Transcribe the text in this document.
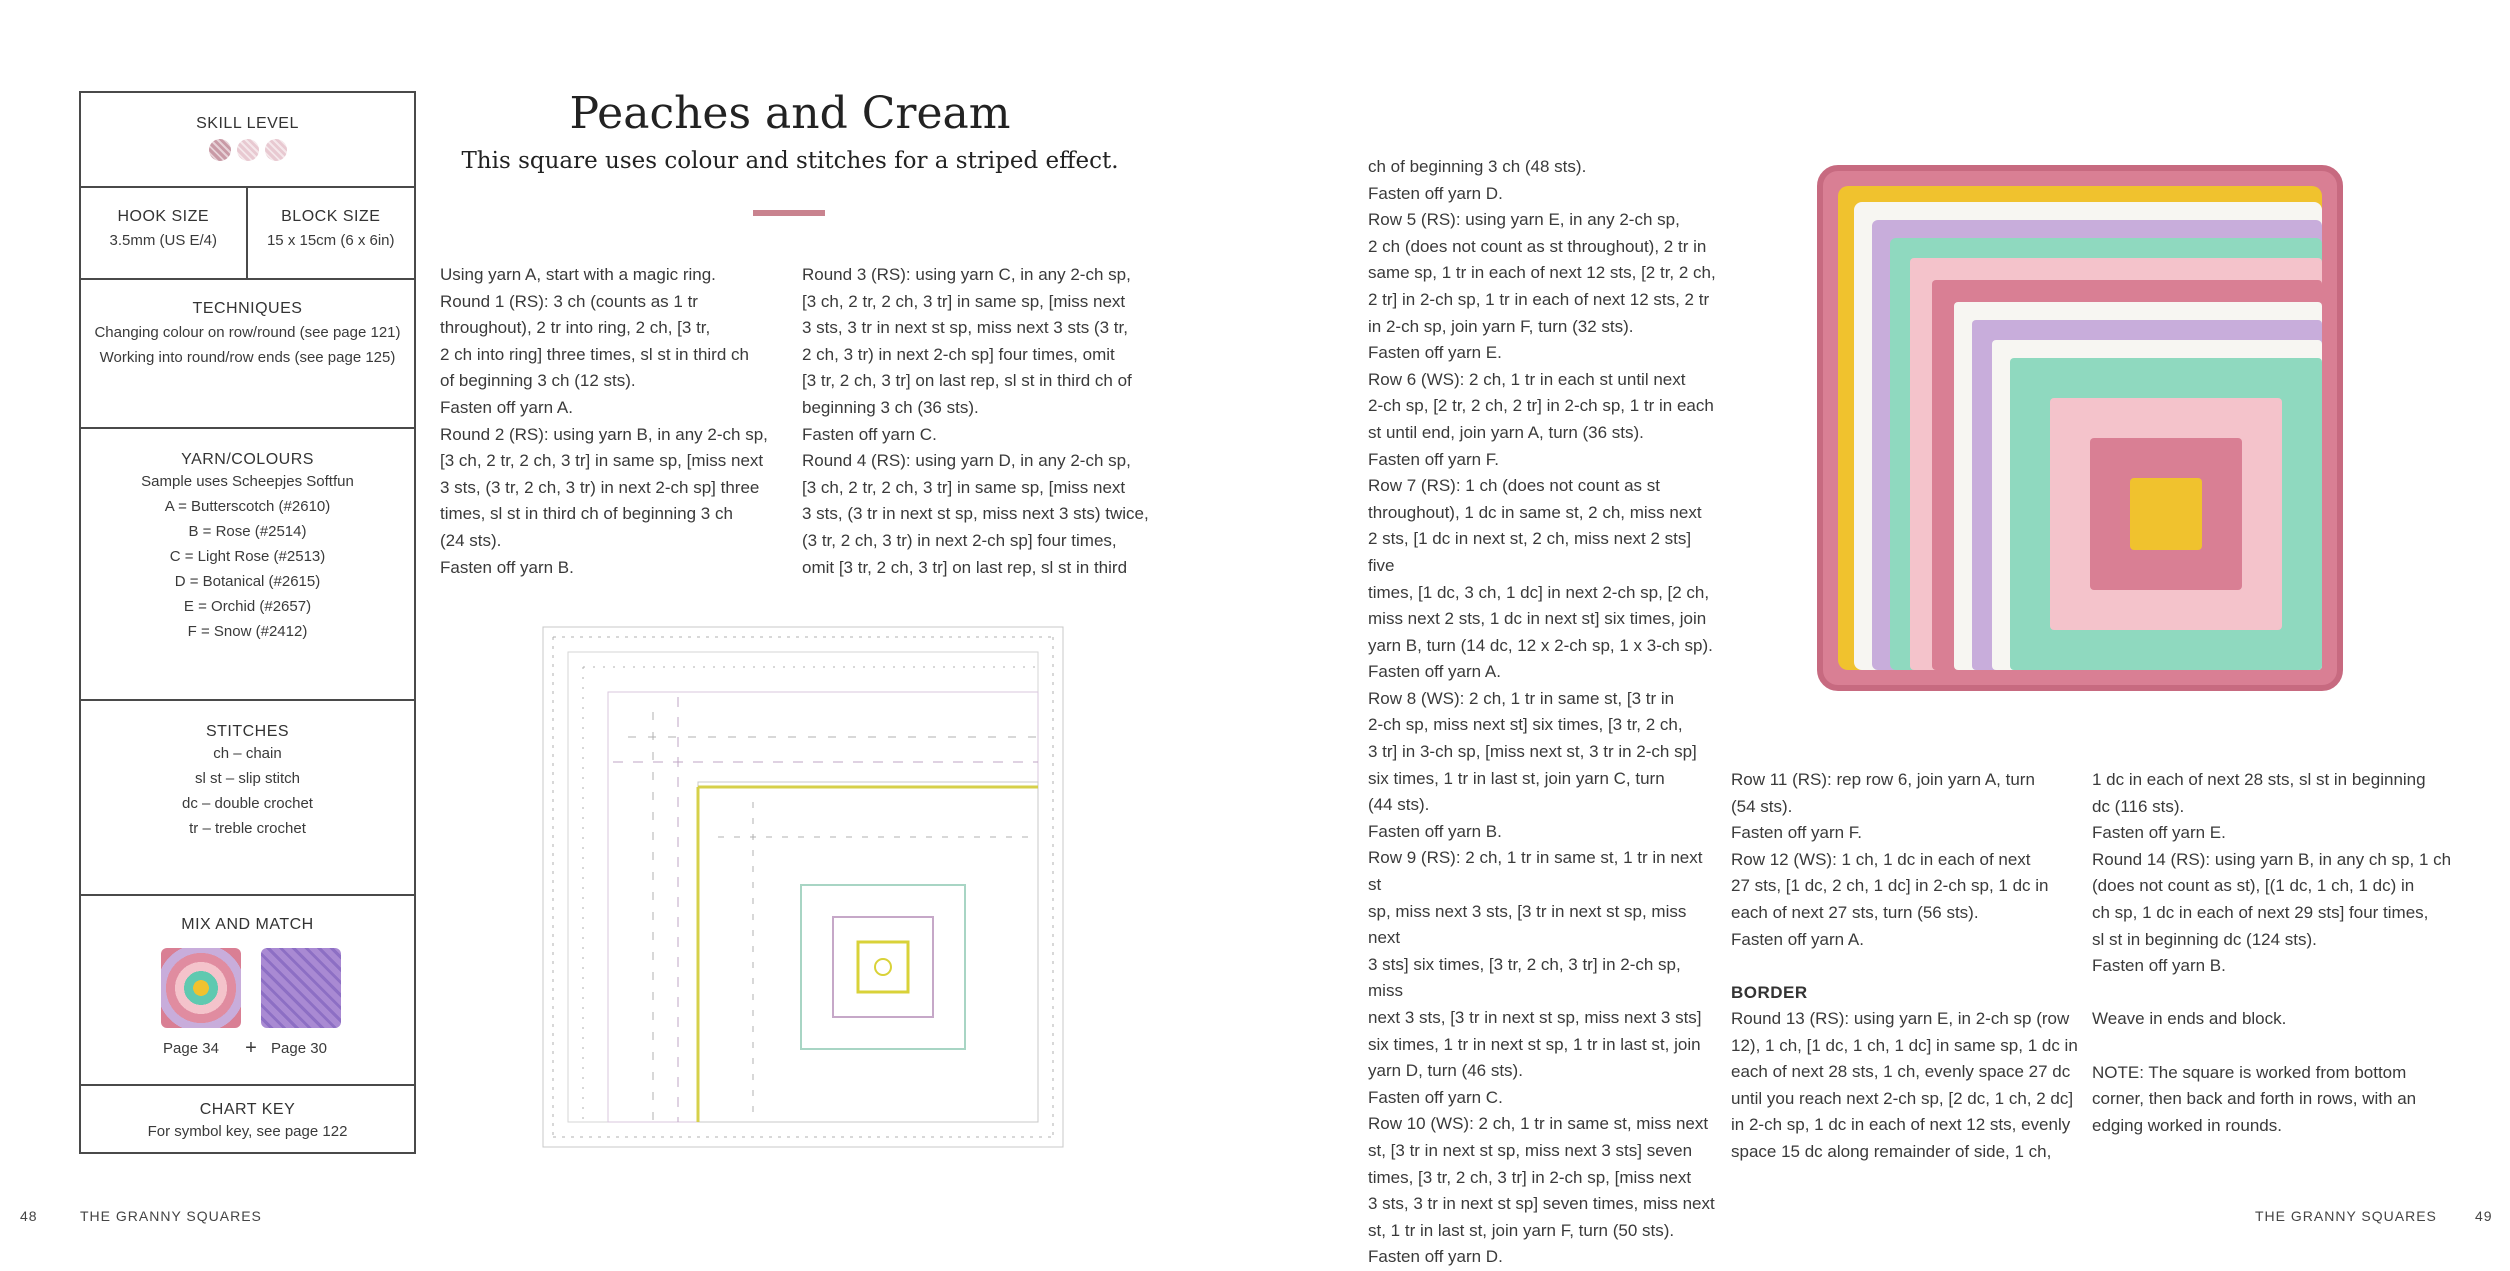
SKILL LEVEL
HOOK SIZE
3.5mm (US E/4)
BLOCK SIZE
15 x 15cm (6 x 6in)
TECHNIQUES
Changing colour on row/round (see page 121)
Working into round/row ends (see page 125)
YARN/COLOURS
Sample uses Scheepjes Softfun
A = Butterscotch (#2610)
B = Rose (#2514)
C = Light Rose (#2513)
D = Botanical (#2615)
E = Orchid (#2657)
F = Snow (#2412)
STITCHES
ch – chain
sl st – slip stitch
dc – double crochet
tr – treble crochet
MIX AND MATCH
Page 34	+ Page 30
CHART KEY
For symbol key, see page 122
Peaches and Cream
This square uses colour and stitches for a striped effect.
Using yarn A, start with a magic ring.
Round 1 (RS): 3 ch (counts as 1 tr
throughout), 2 tr into ring, 2 ch, [3 tr,
2 ch into ring] three times, sl st in third ch
of beginning 3 ch (12 sts).
Fasten off yarn A.
Round 2 (RS): using yarn B, in any 2-ch sp,
[3 ch, 2 tr, 2 ch, 3 tr] in same sp, [miss next
3 sts, (3 tr, 2 ch, 3 tr) in next 2-ch sp] three
times, sl st in third ch of beginning 3 ch
(24 sts).
Fasten off yarn B.
Round 3 (RS): using yarn C, in any 2-ch sp,
[3 ch, 2 tr, 2 ch, 3 tr] in same sp, [miss next
3 sts, 3 tr in next st sp, miss next 3 sts (3 tr,
2 ch, 3 tr) in next 2-ch sp] four times, omit
[3 tr, 2 ch, 3 tr] on last rep, sl st in third ch of
beginning 3 ch (36 sts).
Fasten off yarn C.
Round 4 (RS): using yarn D, in any 2-ch sp,
[3 ch, 2 tr, 2 ch, 3 tr] in same sp, [miss next
3 sts, (3 tr in next st sp, miss next 3 sts) twice,
(3 tr, 2 ch, 3 tr) in next 2-ch sp] four times,
omit [3 tr, 2 ch, 3 tr] on last rep, sl st in third
ch of beginning 3 ch (48 sts).
Fasten off yarn D.
Row 5 (RS): using yarn E, in any 2-ch sp,
2 ch (does not count as st throughout), 2 tr in
same sp, 1 tr in each of next 12 sts, [2 tr, 2 ch,
2 tr] in 2-ch sp, 1 tr in each of next 12 sts, 2 tr
in 2-ch sp, join yarn F, turn (32 sts).
Fasten off yarn E.
Row 6 (WS): 2 ch, 1 tr in each st until next
2-ch sp, [2 tr, 2 ch, 2 tr] in 2-ch sp, 1 tr in each
st until end, join yarn A, turn (36 sts).
Fasten off yarn F.
Row 7 (RS): 1 ch (does not count as st
throughout), 1 dc in same st, 2 ch, miss next
2 sts, [1 dc in next st, 2 ch, miss next 2 sts] five
times, [1 dc, 3 ch, 1 dc] in next 2-ch sp, [2 ch,
miss next 2 sts, 1 dc in next st] six times, join
yarn B, turn (14 dc, 12 x 2-ch sp, 1 x 3-ch sp).
Fasten off yarn A.
Row 8 (WS): 2 ch, 1 tr in same st, [3 tr in
2-ch sp, miss next st] six times, [3 tr, 2 ch,
3 tr] in 3-ch sp, [miss next st, 3 tr in 2-ch sp]
six times, 1 tr in last st, join yarn C, turn
(44 sts).
Fasten off yarn B.
Row 9 (RS): 2 ch, 1 tr in same st, 1 tr in next st
sp, miss next 3 sts, [3 tr in next st sp, miss next
3 sts] six times, [3 tr, 2 ch, 3 tr] in 2-ch sp, miss
next 3 sts, [3 tr in next st sp, miss next 3 sts]
six times, 1 tr in next st sp, 1 tr in last st, join
yarn D, turn (46 sts).
Fasten off yarn C.
Row 10 (WS): 2 ch, 1 tr in same st, miss next
st, [3 tr in next st sp, miss next 3 sts] seven
times, [3 tr, 2 ch, 3 tr] in 2-ch sp, [miss next
3 sts, 3 tr in next st sp] seven times, miss next
st, 1 tr in last st, join yarn F, turn (50 sts).
Fasten off yarn D.
Row 11 (RS): rep row 6, join yarn A, turn
(54 sts).
Fasten off yarn F.
Row 12 (WS): 1 ch, 1 dc in each of next
27 sts, [1 dc, 2 ch, 1 dc] in 2-ch sp, 1 dc in
each of next 27 sts, turn (56 sts).
Fasten off yarn A.
BORDER
Round 13 (RS): using yarn E, in 2-ch sp (row
12), 1 ch, [1 dc, 1 ch, 1 dc] in same sp, 1 dc in
each of next 28 sts, 1 ch, evenly space 27 dc
until you reach next 2-ch sp, [2 dc, 1 ch, 2 dc]
in 2-ch sp, 1 dc in each of next 12 sts, evenly
space 15 dc along remainder of side, 1 ch,
1 dc in each of next 28 sts, sl st in beginning
dc (116 sts).
Fasten off yarn E.
Round 14 (RS): using yarn B, in any ch sp, 1 ch
(does not count as st), [(1 dc, 1 ch, 1 dc) in
ch sp, 1 dc in each of next 29 sts] four times,
sl st in beginning dc (124 sts).
Fasten off yarn B.

Weave in ends and block.

NOTE: The square is worked from bottom
corner, then back and forth in rows, with an
edging worked in rounds.
48	THE GRANNY SQUARES	THE GRANNY SQUARES	49
